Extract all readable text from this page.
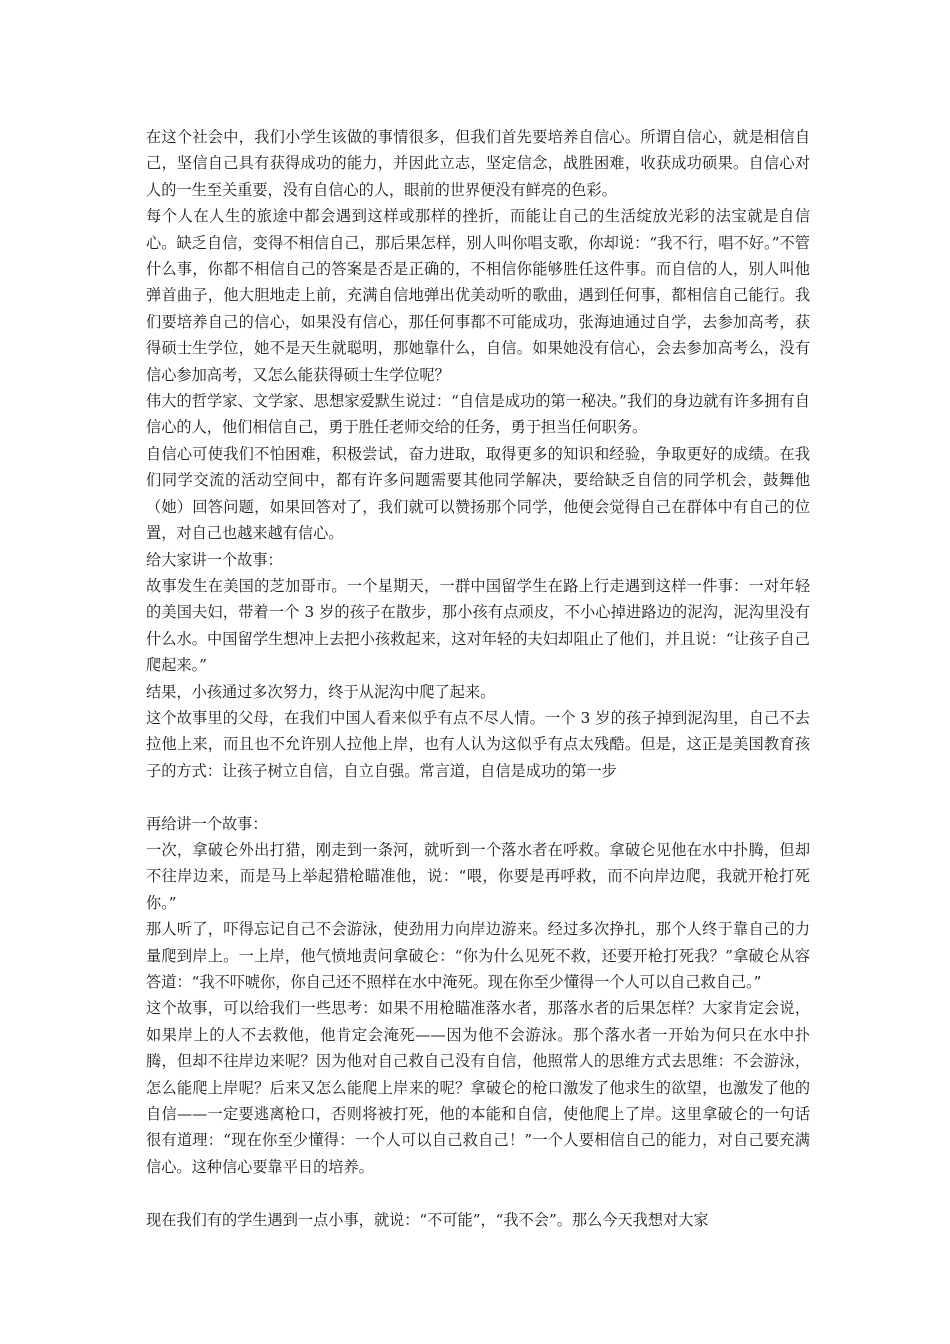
在这个社会中，我们小学生该做的事情很多，但我们首先要培养自信心。所谓自信心，就是相信自己，坚信自己具有获得成功的能力，并因此立志，坚定信念，战胜困难，收获成功硕果。自信心对人的一生至关重要，没有自信心的人，眼前的世界便没有鲜亮的色彩。

每个人在人生的旅途中都会遇到这样或那样的挫折，而能让自己的生活绽放光彩的法宝就是自信心。缺乏自信，变得不相信自己，那后果怎样，别人叫你唱支歌，你却说：“我不行，唱不好。”不管什么事，你都不相信自己的答案是否是正确的，不相信你能够胜任这件事。而自信的人，别人叫他弹首曲子，他大胆地走上前，充满自信地弹出优美动听的歌曲，遇到任何事，都相信自己能行。我们要培养自己的信心，如果没有信心，那任何事都不可能成功，张海迪通过自学，去参加高考，获得硕士生学位，她不是天生就聪明，那她靠什么，自信。如果她没有信心，会去参加高考么，没有信心参加高考，又怎么能获得硕士生学位呢？

伟大的哲学家、文学家、思想家爱默生说过：“自信是成功的第一秘决。”我们的身边就有许多拥有自信心的人，他们相信自己，勇于胜任老师交给的任务，勇于担当任何职务。

自信心可使我们不怕困难，积极尝试，奋力进取，取得更多的知识和经验，争取更好的成绩。在我们同学交流的活动空间中，都有许多问题需要其他同学解决，要给缺乏自信的同学机会，鼓舞他（她）回答问题，如果回答对了，我们就可以赞扬那个同学，他便会觉得自己在群体中有自己的位置，对自己也越来越有信心。

给大家讲一个故事：

故事发生在美国的芝加哥市。一个星期天，一群中国留学生在路上行走遇到这样一件事：一对年轻的美国夫妇，带着一个 3 岁的孩子在散步，那小孩有点顽皮，不小心掉进路边的泥沟，泥沟里没有什么水。中国留学生想冲上去把小孩救起来，这对年轻的夫妇却阻止了他们，并且说：“让孩子自己爬起来。”

结果，小孩通过多次努力，终于从泥沟中爬了起来。

这个故事里的父母，在我们中国人看来似乎有点不尽人情。一个 3 岁的孩子掉到泥沟里，自己不去拉他上来，而且也不允许别人拉他上岸，也有人认为这似乎有点太残酷。但是，这正是美国教育孩子的方式：让孩子树立自信，自立自强。常言道，自信是成功的第一步

再给讲一个故事：

一次，拿破仑外出打猎，刚走到一条河，就听到一个落水者在呼救。拿破仑见他在水中扑腾，但却不往岸边来，而是马上举起猎枪瞄准他，说：“喂，你要是再呼救，而不向岸边爬，我就开枪打死你。”

那人听了，吓得忘记自己不会游泳，使劲用力向岸边游来。经过多次挣扎，那个人终于靠自己的力量爬到岸上。一上岸，他气愤地责问拿破仑：“你为什么见死不救，还要开枪打死我？”拿破仑从容答道：“我不吓唬你，你自己还不照样在水中淹死。现在你至少懂得一个人可以自己救自己。”

这个故事，可以给我们一些思考：如果不用枪瞄准落水者，那落水者的后果怎样？大家肯定会说，如果岸上的人不去救他，他肯定会淹死——因为他不会游泳。那个落水者一开始为何只在水中扑腾，但却不往岸边来呢？因为他对自己救自己没有自信，他照常人的思维方式去思维：不会游泳，怎么能爬上岸呢？后来又怎么能爬上岸来的呢？拿破仑的枪口激发了他求生的欲望，也激发了他的自信——一定要逃离枪口，否则将被打死，他的本能和自信，使他爬上了岸。这里拿破仑的一句话很有道理：“现在你至少懂得：一个人可以自己救自己！”一个人要相信自己的能力，对自己要充满信心。这种信心要靠平日的培养。

现在我们有的学生遇到一点小事，就说：“不可能”，“我不会”。那么今天我想对大家
